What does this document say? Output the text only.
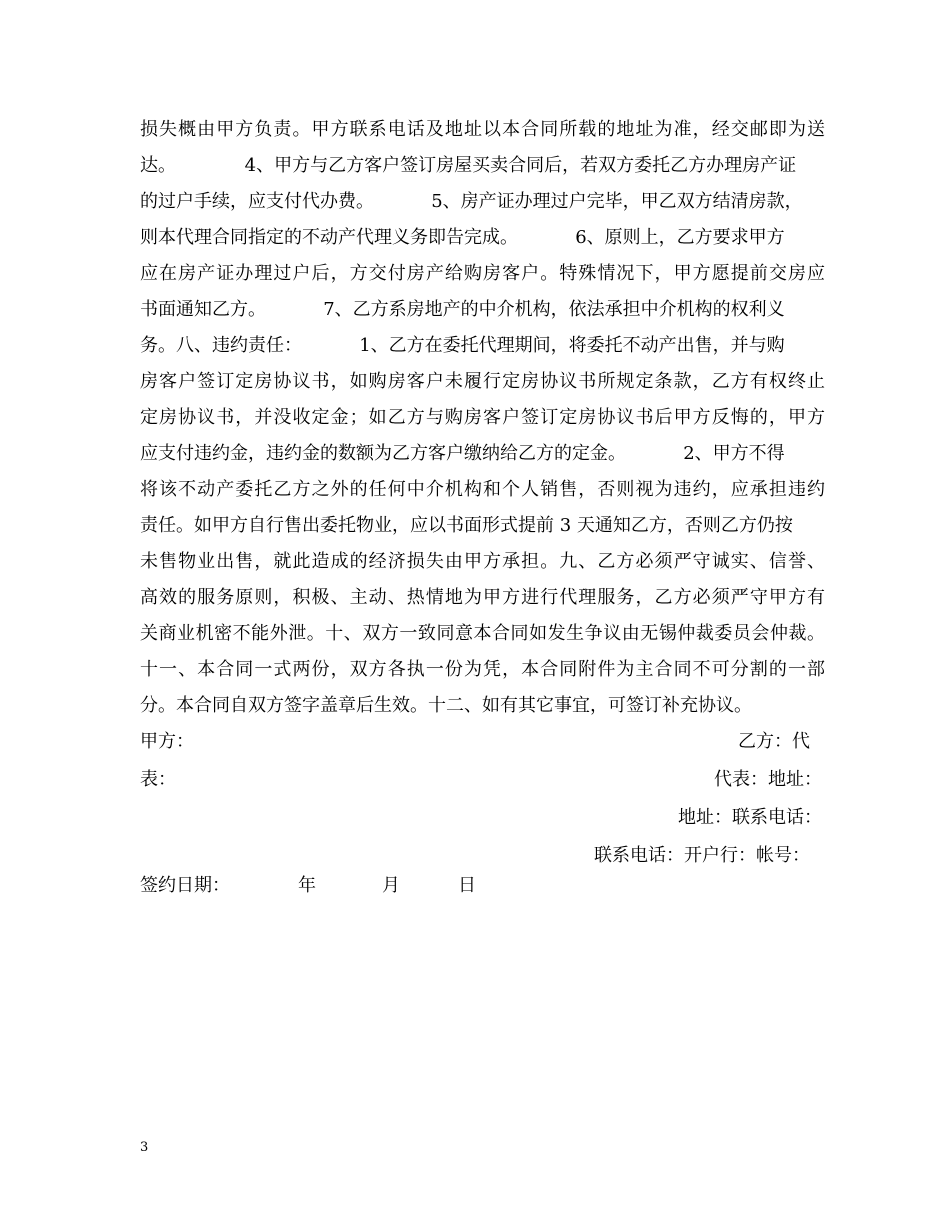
损失概由甲方负责。甲方联系电话及地址以本合同所载的地址为准，经交邮即为送
达。            4、甲方与乙方客户签订房屋买卖合同后，若双方委托乙方办理房产证
的过户手续，应支付代办费。          5、房产证办理过户完毕，甲乙双方结清房款，
则本代理合同指定的不动产代理义务即告完成。          6、原则上，乙方要求甲方
应在房产证办理过户后，方交付房产给购房客户。特殊情况下，甲方愿提前交房应
书面通知乙方。          7、乙方系房地产的中介机构，依法承担中介机构的权利义
务。八、违约责任：          1、乙方在委托代理期间，将委托不动产出售，并与购
房客户签订定房协议书，如购房客户未履行定房协议书所规定条款，乙方有权终止
定房协议书，并没收定金；如乙方与购房客户签订定房协议书后甲方反悔的，甲方
应支付违约金，违约金的数额为乙方客户缴纳给乙方的定金。          2、甲方不得
将该不动产委托乙方之外的任何中介机构和个人销售，否则视为违约，应承担违约
责任。如甲方自行售出委托物业，应以书面形式提前 3 天通知乙方，否则乙方仍按
未售物业出售，就此造成的经济损失由甲方承担。九、乙方必须严守诚实、信誉、
高效的服务原则，积极、主动、热情地为甲方进行代理服务，乙方必须严守甲方有
关商业机密不能外泄。十、双方一致同意本合同如发生争议由无锡仲裁委员会仲裁。
十一、本合同一式两份，双方各执一份为凭，本合同附件为主合同不可分割的一部
分。本合同自双方签字盖章后生效。十二、如有其它事宜，可签订补充协议。
甲方：	乙方：代
表：	代表：地址：
地址：联系电话：
联系电话：开户行：帐号：
签约日期：	年	月	日
3
